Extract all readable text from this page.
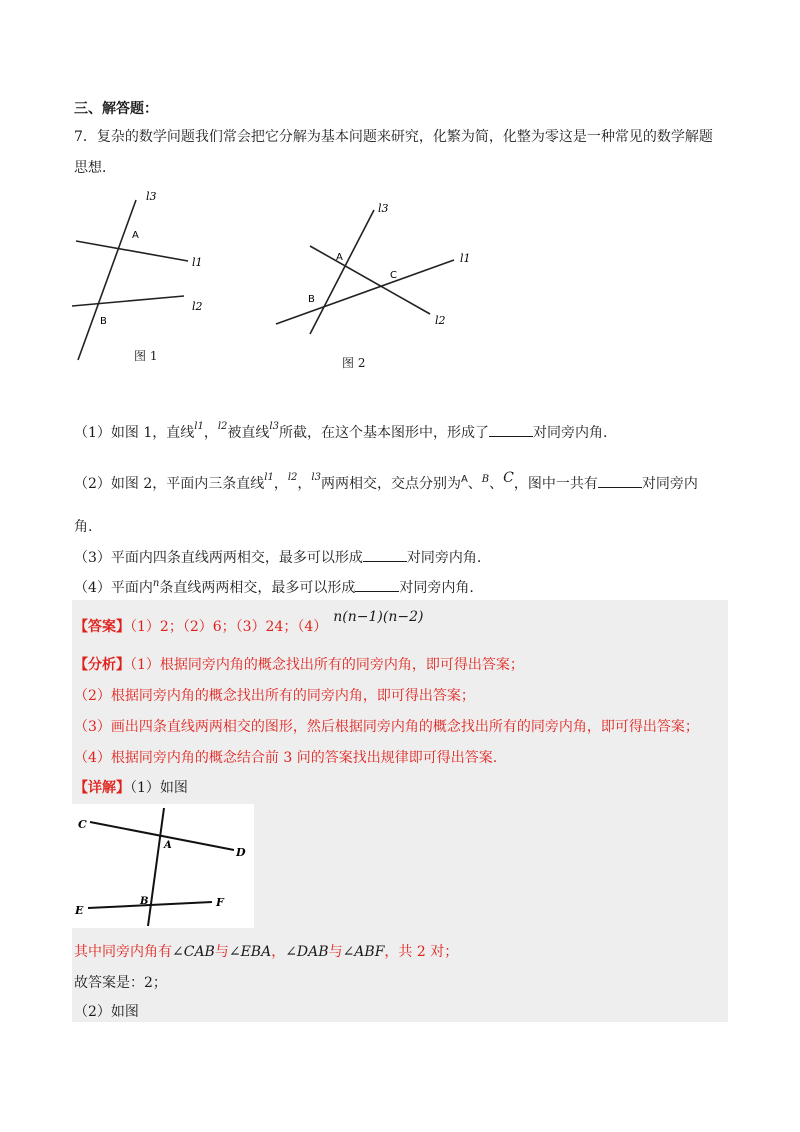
三、解答题：
7．复杂的数学问题我们常会把它分解为基本问题来研究，化繁为简，化整为零这是一种常见的数学解题
思想．
l3
l1
l2
A
B
图 1
l3
l1
l2
A
B
C
图 2
（1）如图 1，直线$^{l1}$，$^{l2}$被直线$^{l3}$所截，在这个基本图形中，形成了	对同旁内角.
（2）如图 2，平面内三条直线$^{l1}$，$^{l2}$，$^{l3}$两两相交，交点分别为$^A$、$^B$、C，图中一共有	对同旁内
角.
（3）平面内四条直线两两相交，最多可以形成	对同旁内角.
（4）平面内$^n$条直线两两相交，最多可以形成	对同旁内角.
【答案】（1）2；（2）6；（3）24；（4）n(n−1)(n−2)
【分析】（1）根据同旁内角的概念找出所有的同旁内角，即可得出答案；
（2）根据同旁内角的概念找出所有的同旁内角，即可得出答案；
（3）画出四条直线两两相交的图形，然后根据同旁内角的概念找出所有的同旁内角，即可得出答案；
（4）根据同旁内角的概念结合前 3 问的答案找出规律即可得出答案.
【详解】（1）如图
C
A
D
E
B	F
其中同旁内角有∠CAB与∠EBA，∠DAB与∠ABF，共 2 对；
故答案是：2；
（2）如图
